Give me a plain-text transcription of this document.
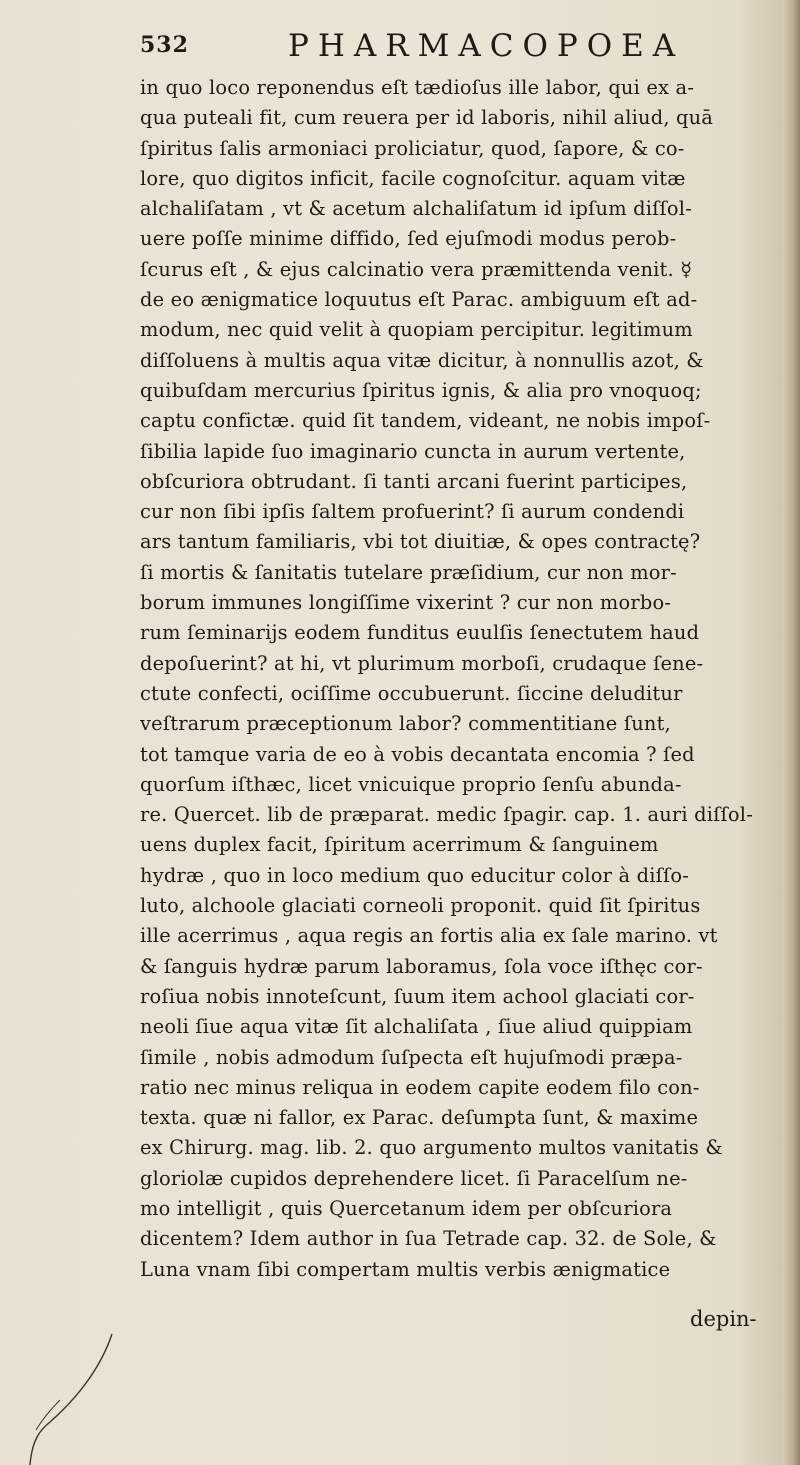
532	PHARMACOPOEA
in quo loco reponendus eſt tædioſus ille labor, qui ex a-
qua puteali fit, cum reuera per id laboris, nihil aliud, quā
ſpiritus ſalis armoniaci proliciatur, quod, ſapore, & co-
lore, quo digitos inficit, facile cognoſcitur. aquam vitæ
alchaliſatam , vt & acetum alchaliſatum id ipſum diſſol-
uere poſſe minime diffido, ſed ejuſmodi modus perob-
ſcurus eſt , & ejus calcinatio vera præmittenda venit. ☿
de eo ænigmatice loquutus eſt Parac. ambiguum eſt ad-
modum, nec quid velit à quopiam percipitur. legitimum
diſſoluens à multis aqua vitæ dicitur, à nonnullis azot, &
quibuſdam mercurius ſpiritus ignis, & alia pro vnoquoq;
captu confictæ. quid ſit tandem, videant, ne nobis impoſ-
ſibilia lapide ſuo imaginario cuncta in aurum vertente,
obſcuriora obtrudant. ſi tanti arcani fuerint participes,
cur non ſibi ipſis ſaltem profuerint? ſi aurum condendi
ars tantum familiaris, vbi tot diuitiæ, & opes contractę?
ſi mortis & ſanitatis tutelare præſidium, cur non mor-
borum immunes longiſſime vixerint ? cur non morbo-
rum ſeminarijs eodem funditus euulſis ſenectutem haud
depoſuerint? at hi, vt plurimum morboſi, crudaque ſene-
ctute confecti, ociſſime occubuerunt. ſiccine deluditur
veſtrarum præceptionum labor? commentitiane ſunt,
tot tamque varia de eo à vobis decantata encomia ? ſed
quorſum iſthæc, licet vnicuique proprio ſenſu abunda-
re. Quercet. lib de præparat. medic ſpagir. cap. 1. auri diſſol-
uens duplex facit, ſpiritum acerrimum & ſanguinem
hydræ , quo in loco medium quo educitur color à diſſo-
luto, alchoole glaciati corneoli proponit. quid ſit ſpiritus
ille acerrimus , aqua regis an fortis alia ex ſale marino. vt
& ſanguis hydræ parum laboramus, ſola voce iſthęc cor-
roſiua nobis innoteſcunt, ſuum item achool glaciati cor-
neoli ſiue aqua vitæ ſit alchaliſata , ſiue aliud quippiam
ſimile , nobis admodum ſuſpecta eſt hujuſmodi præpa-
ratio nec minus reliqua in eodem capite eodem filo con-
texta. quæ ni fallor, ex Parac. deſumpta ſunt, & maxime
ex Chirurg. mag. lib. 2. quo argumento multos vanitatis &
gloriolæ cupidos deprehendere licet. ſi Paracelſum ne-
mo intelligit , quis Quercetanum idem per obſcuriora
dicentem? Idem author in ſua Tetrade cap. 32. de Sole, &
Luna vnam ſibi compertam multis verbis ænigmatice
depin-
